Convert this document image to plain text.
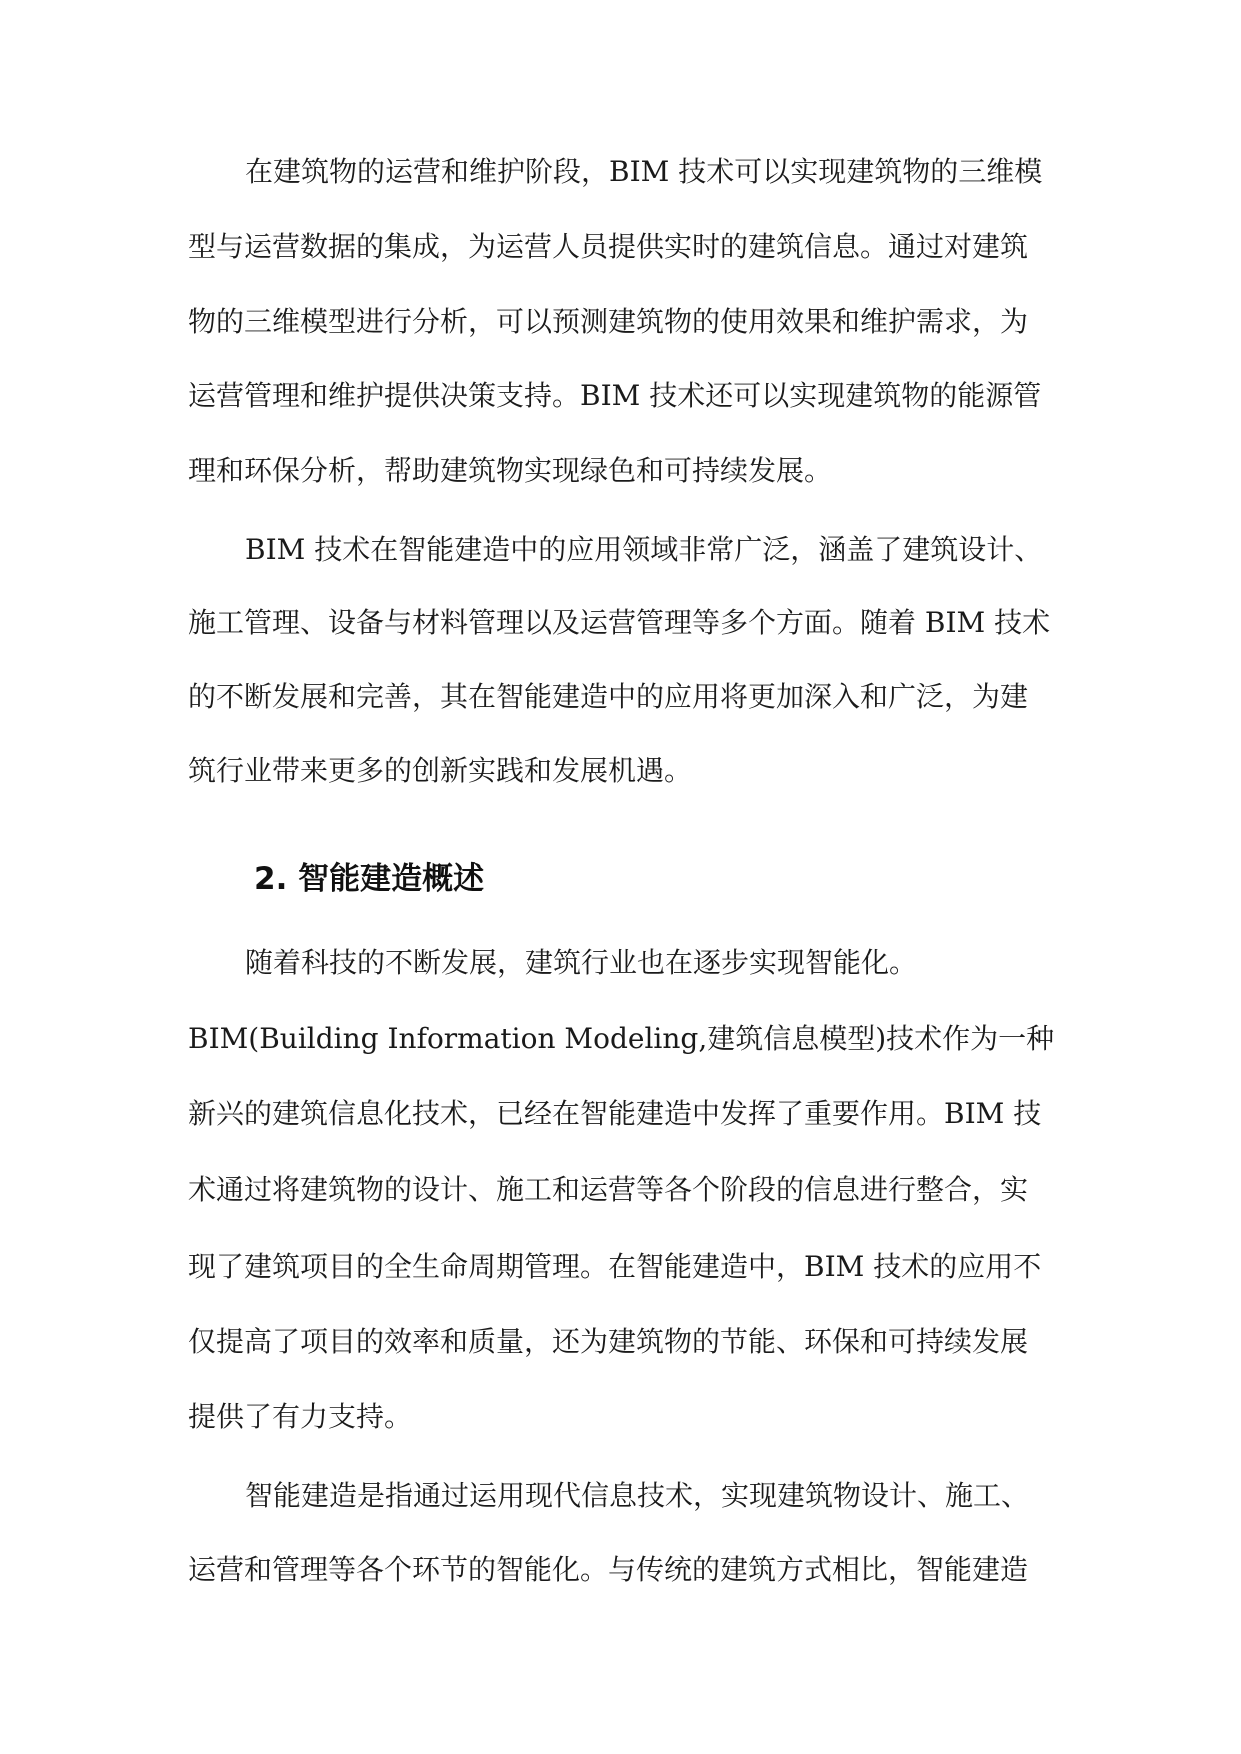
在建筑物的运营和维护阶段，BIM 技术可以实现建筑物的三维模
型与运营数据的集成，为运营人员提供实时的建筑信息。通过对建筑
物的三维模型进行分析，可以预测建筑物的使用效果和维护需求，为
运营管理和维护提供决策支持。BIM 技术还可以实现建筑物的能源管
理和环保分析，帮助建筑物实现绿色和可持续发展。
BIM 技术在智能建造中的应用领域非常广泛，涵盖了建筑设计、
施工管理、设备与材料管理以及运营管理等多个方面。随着 BIM 技术
的不断发展和完善，其在智能建造中的应用将更加深入和广泛，为建
筑行业带来更多的创新实践和发展机遇。
2. 智能建造概述
随着科技的不断发展，建筑行业也在逐步实现智能化。
BIM(Building Information Modeling,建筑信息模型)技术作为一种
新兴的建筑信息化技术，已经在智能建造中发挥了重要作用。BIM 技
术通过将建筑物的设计、施工和运营等各个阶段的信息进行整合，实
现了建筑项目的全生命周期管理。在智能建造中，BIM 技术的应用不
仅提高了项目的效率和质量，还为建筑物的节能、环保和可持续发展
提供了有力支持。
智能建造是指通过运用现代信息技术，实现建筑物设计、施工、
运营和管理等各个环节的智能化。与传统的建筑方式相比，智能建造
